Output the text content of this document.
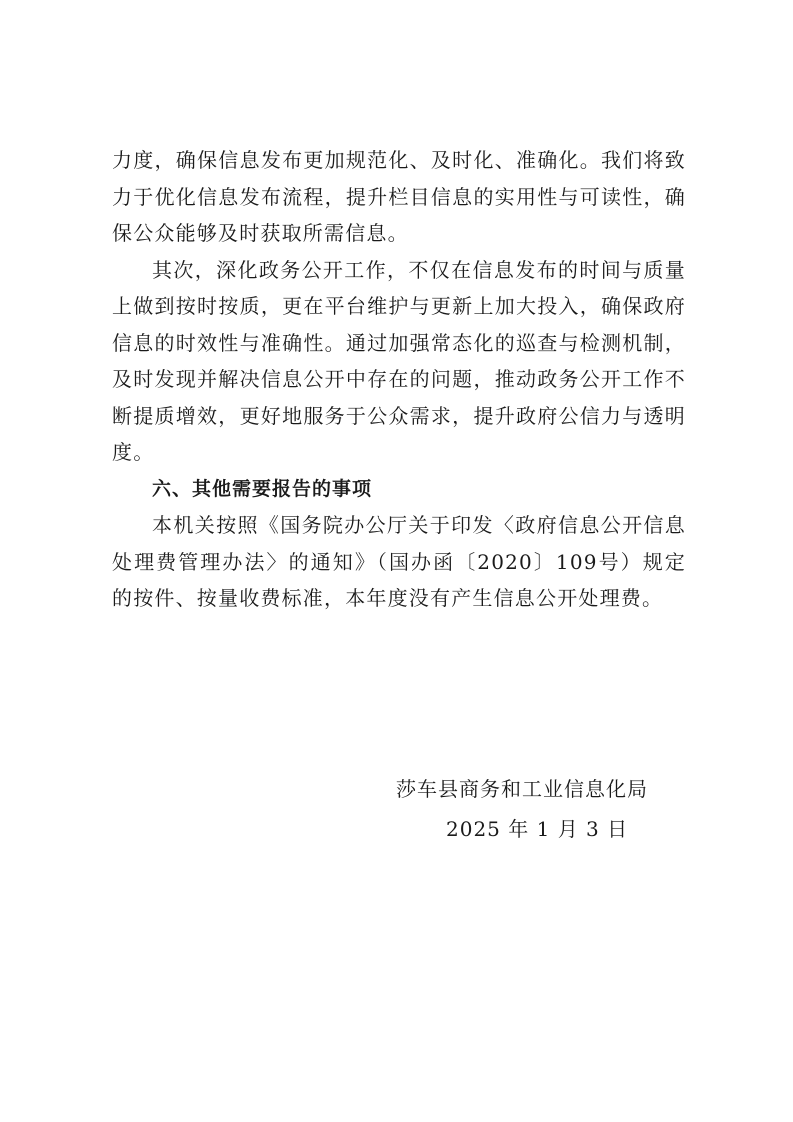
力度，确保信息发布更加规范化、及时化、准确化。我们将致力于优化信息发布流程，提升栏目信息的实用性与可读性，确保公众能够及时获取所需信息。

其次，深化政务公开工作，不仅在信息发布的时间与质量上做到按时按质，更在平台维护与更新上加大投入，确保政府信息的时效性与准确性。通过加强常态化的巡查与检测机制，及时发现并解决信息公开中存在的问题，推动政务公开工作不断提质增效，更好地服务于公众需求，提升政府公信力与透明度。

六、其他需要报告的事项

本机关按照《国务院办公厅关于印发〈政府信息公开信息处理费管理办法〉的通知》（国办函〔2020〕109号）规定的按件、按量收费标准，本年度没有产生信息公开处理费。

莎车县商务和工业信息化局
2025 年 1 月 3 日
